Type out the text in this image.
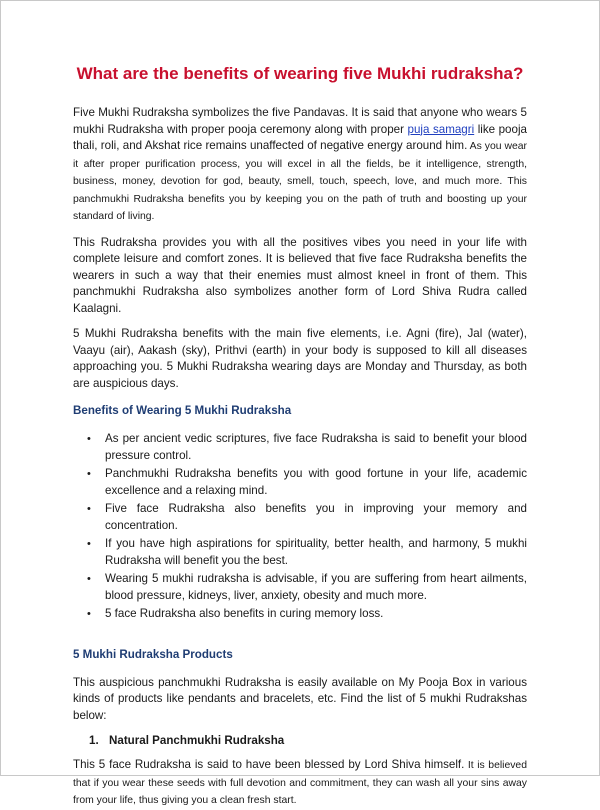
What are the benefits of wearing five Mukhi rudraksha?

Five Mukhi Rudraksha symbolizes the five Pandavas. It is said that anyone who wears 5 mukhi Rudraksha with proper pooja ceremony along with proper puja samagri like pooja thali, roli, and Akshat rice remains unaffected of negative energy around him. As you wear it after proper purification process, you will excel in all the fields, be it intelligence, strength, business, money, devotion for god, beauty, smell, touch, speech, love, and much more. This panchmukhi Rudraksha benefits you by keeping you on the path of truth and boosting up your standard of living.

This Rudraksha provides you with all the positives vibes you need in your life with complete leisure and comfort zones. It is believed that five face Rudraksha benefits the wearers in such a way that their enemies must almost kneel in front of them. This panchmukhi Rudraksha also symbolizes another form of Lord Shiva Rudra called Kaalagni.

5 Mukhi Rudraksha benefits with the main five elements, i.e. Agni (fire), Jal (water), Vaayu (air), Aakash (sky), Prithvi (earth) in your body is supposed to kill all diseases approaching you. 5 Mukhi Rudraksha wearing days are Monday and Thursday, as both are auspicious days.

Benefits of Wearing 5 Mukhi Rudraksha
• As per ancient vedic scriptures, five face Rudraksha is said to benefit your blood pressure control.
• Panchmukhi Rudraksha benefits you with good fortune in your life, academic excellence and a relaxing mind.
• Five face Rudraksha also benefits you in improving your memory and concentration.
• If you have high aspirations for spirituality, better health, and harmony, 5 mukhi Rudraksha will benefit you the best.
• Wearing 5 mukhi rudraksha is advisable, if you are suffering from heart ailments, blood pressure, kidneys, liver, anxiety, obesity and much more.
• 5 face Rudraksha also benefits in curing memory loss.
5 Mukhi Rudraksha Products

This auspicious panchmukhi Rudraksha is easily available on My Pooja Box in various kinds of products like pendants and bracelets, etc. Find the list of 5 mukhi Rudrakshas below:

1. Natural Panchmukhi Rudraksha

This 5 face Rudraksha is said to have been blessed by Lord Shiva himself. It is believed that if you wear these seeds with full devotion and commitment, they can wash all your sins away from your life, thus giving you a clean fresh start.
